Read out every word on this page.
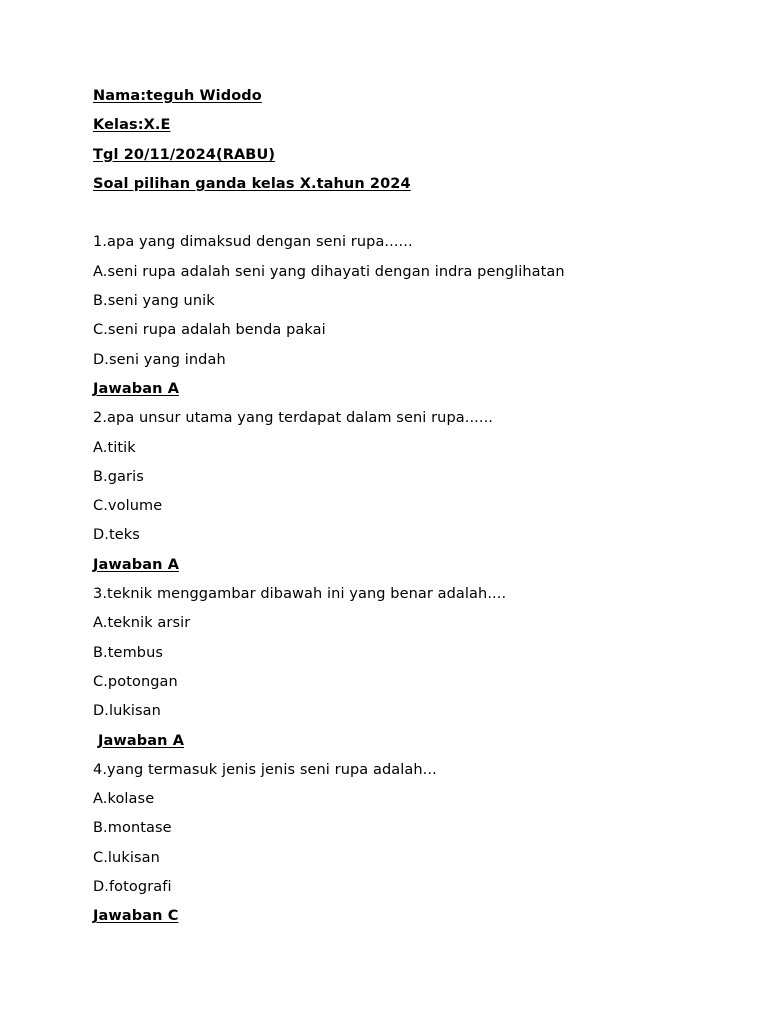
Nama:teguh Widodo
Kelas:X.E
Tgl 20/11/2024(RABU)
Soal pilihan ganda kelas X.tahun 2024
1.apa yang dimaksud dengan seni rupa......
A.seni rupa adalah seni yang dihayati dengan indra penglihatan
B.seni yang unik
C.seni rupa adalah benda pakai
D.seni yang indah
Jawaban A
2.apa unsur utama yang terdapat dalam seni rupa......
A.titik
B.garis
C.volume
D.teks
Jawaban A
3.teknik menggambar dibawah ini yang benar adalah....
A.teknik arsir
B.tembus
C.potongan
D.lukisan
Jawaban A
4.yang termasuk jenis jenis seni rupa adalah...
A.kolase
B.montase
C.lukisan
D.fotografi
Jawaban C
